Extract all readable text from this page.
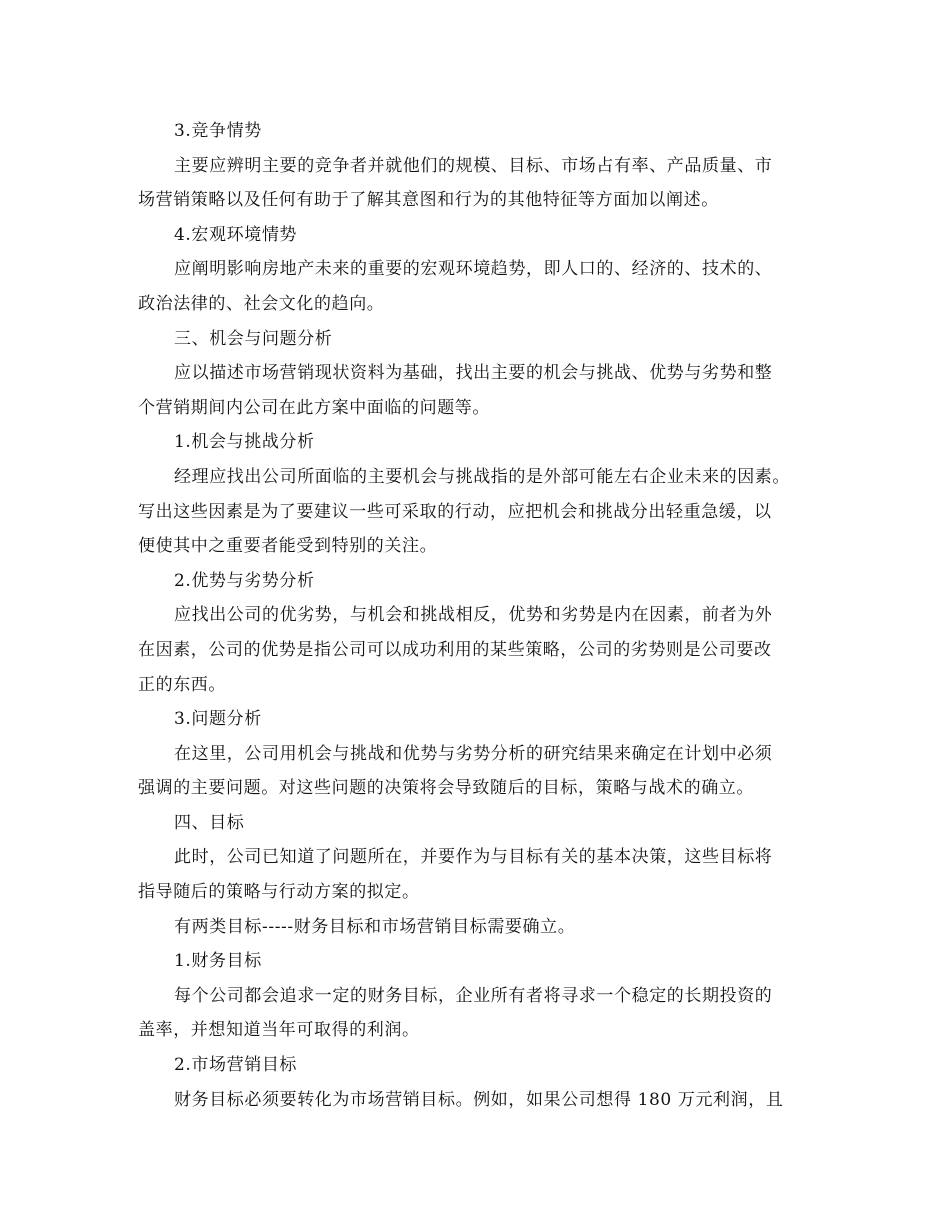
3.竞争情势
主要应辨明主要的竞争者并就他们的规模、目标、市场占有率、产品质量、市
场营销策略以及任何有助于了解其意图和行为的其他特征等方面加以阐述。
4.宏观环境情势
应阐明影响房地产未来的重要的宏观环境趋势，即人口的、经济的、技术的、
政治法律的、社会文化的趋向。
三、机会与问题分析
应以描述市场营销现状资料为基础，找出主要的机会与挑战、优势与劣势和整
个营销期间内公司在此方案中面临的问题等。
1.机会与挑战分析
经理应找出公司所面临的主要机会与挑战指的是外部可能左右企业未来的因素。
写出这些因素是为了要建议一些可采取的行动，应把机会和挑战分出轻重急缓，以
便使其中之重要者能受到特别的关注。
2.优势与劣势分析
应找出公司的优劣势，与机会和挑战相反，优势和劣势是内在因素，前者为外
在因素，公司的优势是指公司可以成功利用的某些策略，公司的劣势则是公司要改
正的东西。
3.问题分析
在这里，公司用机会与挑战和优势与劣势分析的研究结果来确定在计划中必须
强调的主要问题。对这些问题的决策将会导致随后的目标，策略与战术的确立。
四、目标
此时，公司已知道了问题所在，并要作为与目标有关的基本决策，这些目标将
指导随后的策略与行动方案的拟定。
有两类目标-----财务目标和市场营销目标需要确立。
1.财务目标
每个公司都会追求一定的财务目标，企业所有者将寻求一个稳定的长期投资的
盖率，并想知道当年可取得的利润。
2.市场营销目标
财务目标必须要转化为市场营销目标。例如，如果公司想得 180 万元利润，且
